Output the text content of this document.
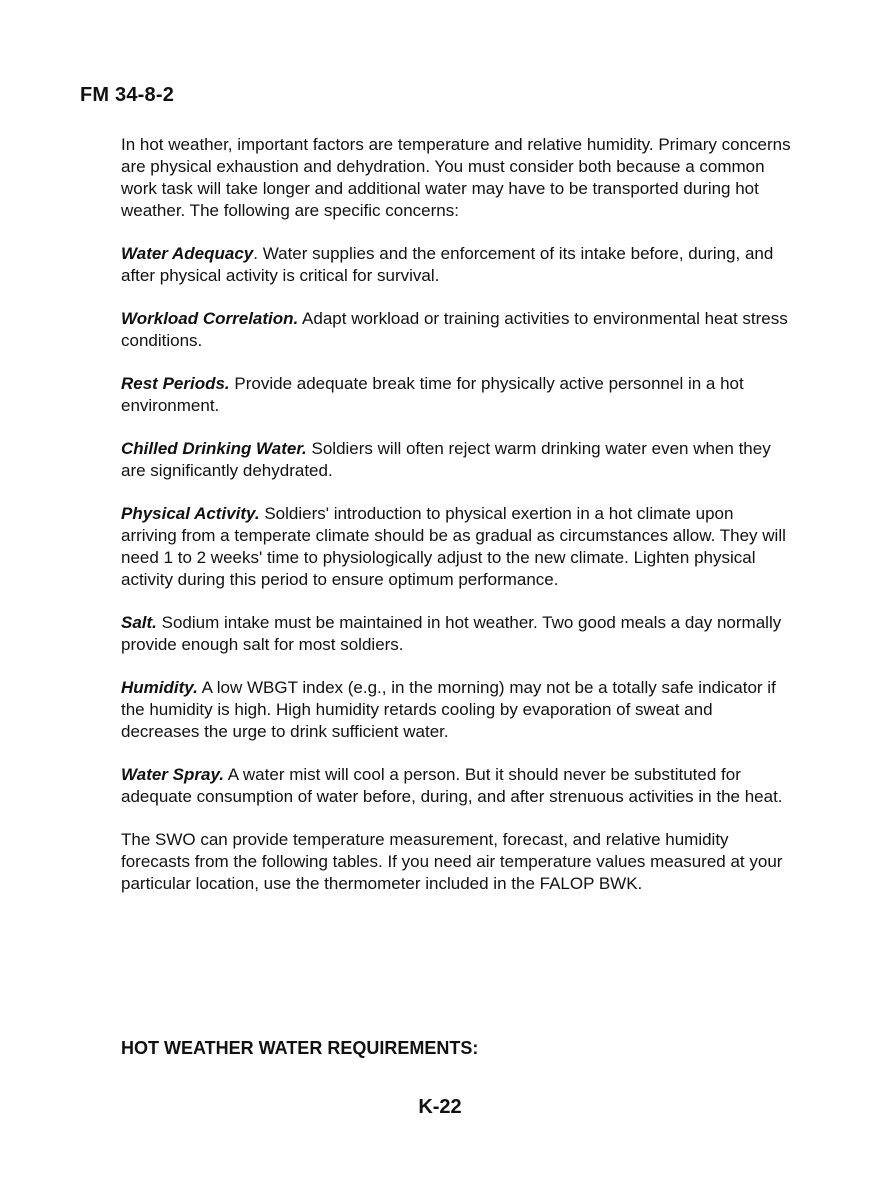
FM 34-8-2

In hot weather, important factors are temperature and relative humidity. Primary concerns are physical exhaustion and dehydration. You must consider both because a common work task will take longer and additional water may have to be transported during hot weather. The following are specific concerns:

Water Adequacy. Water supplies and the enforcement of its intake before, during, and after physical activity is critical for survival.

Workload Correlation. Adapt workload or training activities to environmental heat stress conditions.

Rest Periods. Provide adequate break time for physically active personnel in a hot environment.

Chilled Drinking Water. Soldiers will often reject warm drinking water even when they are significantly dehydrated.

Physical Activity. Soldiers' introduction to physical exertion in a hot climate upon arriving from a temperate climate should be as gradual as circumstances allow. They will need 1 to 2 weeks' time to physiologically adjust to the new climate. Lighten physical activity during this period to ensure optimum performance.

Salt. Sodium intake must be maintained in hot weather. Two good meals a day normally provide enough salt for most soldiers.

Humidity. A low WBGT index (e.g., in the morning) may not be a totally safe indicator if the humidity is high. High humidity retards cooling by evaporation of sweat and decreases the urge to drink sufficient water.

Water Spray. A water mist will cool a person. But it should never be substituted for adequate consumption of water before, during, and after strenuous activities in the heat.

The SWO can provide temperature measurement, forecast, and relative humidity forecasts from the following tables. If you need air temperature values measured at your particular location, use the thermometer included in the FALOP BWK.

HOT WEATHER WATER REQUIREMENTS:
K-22
